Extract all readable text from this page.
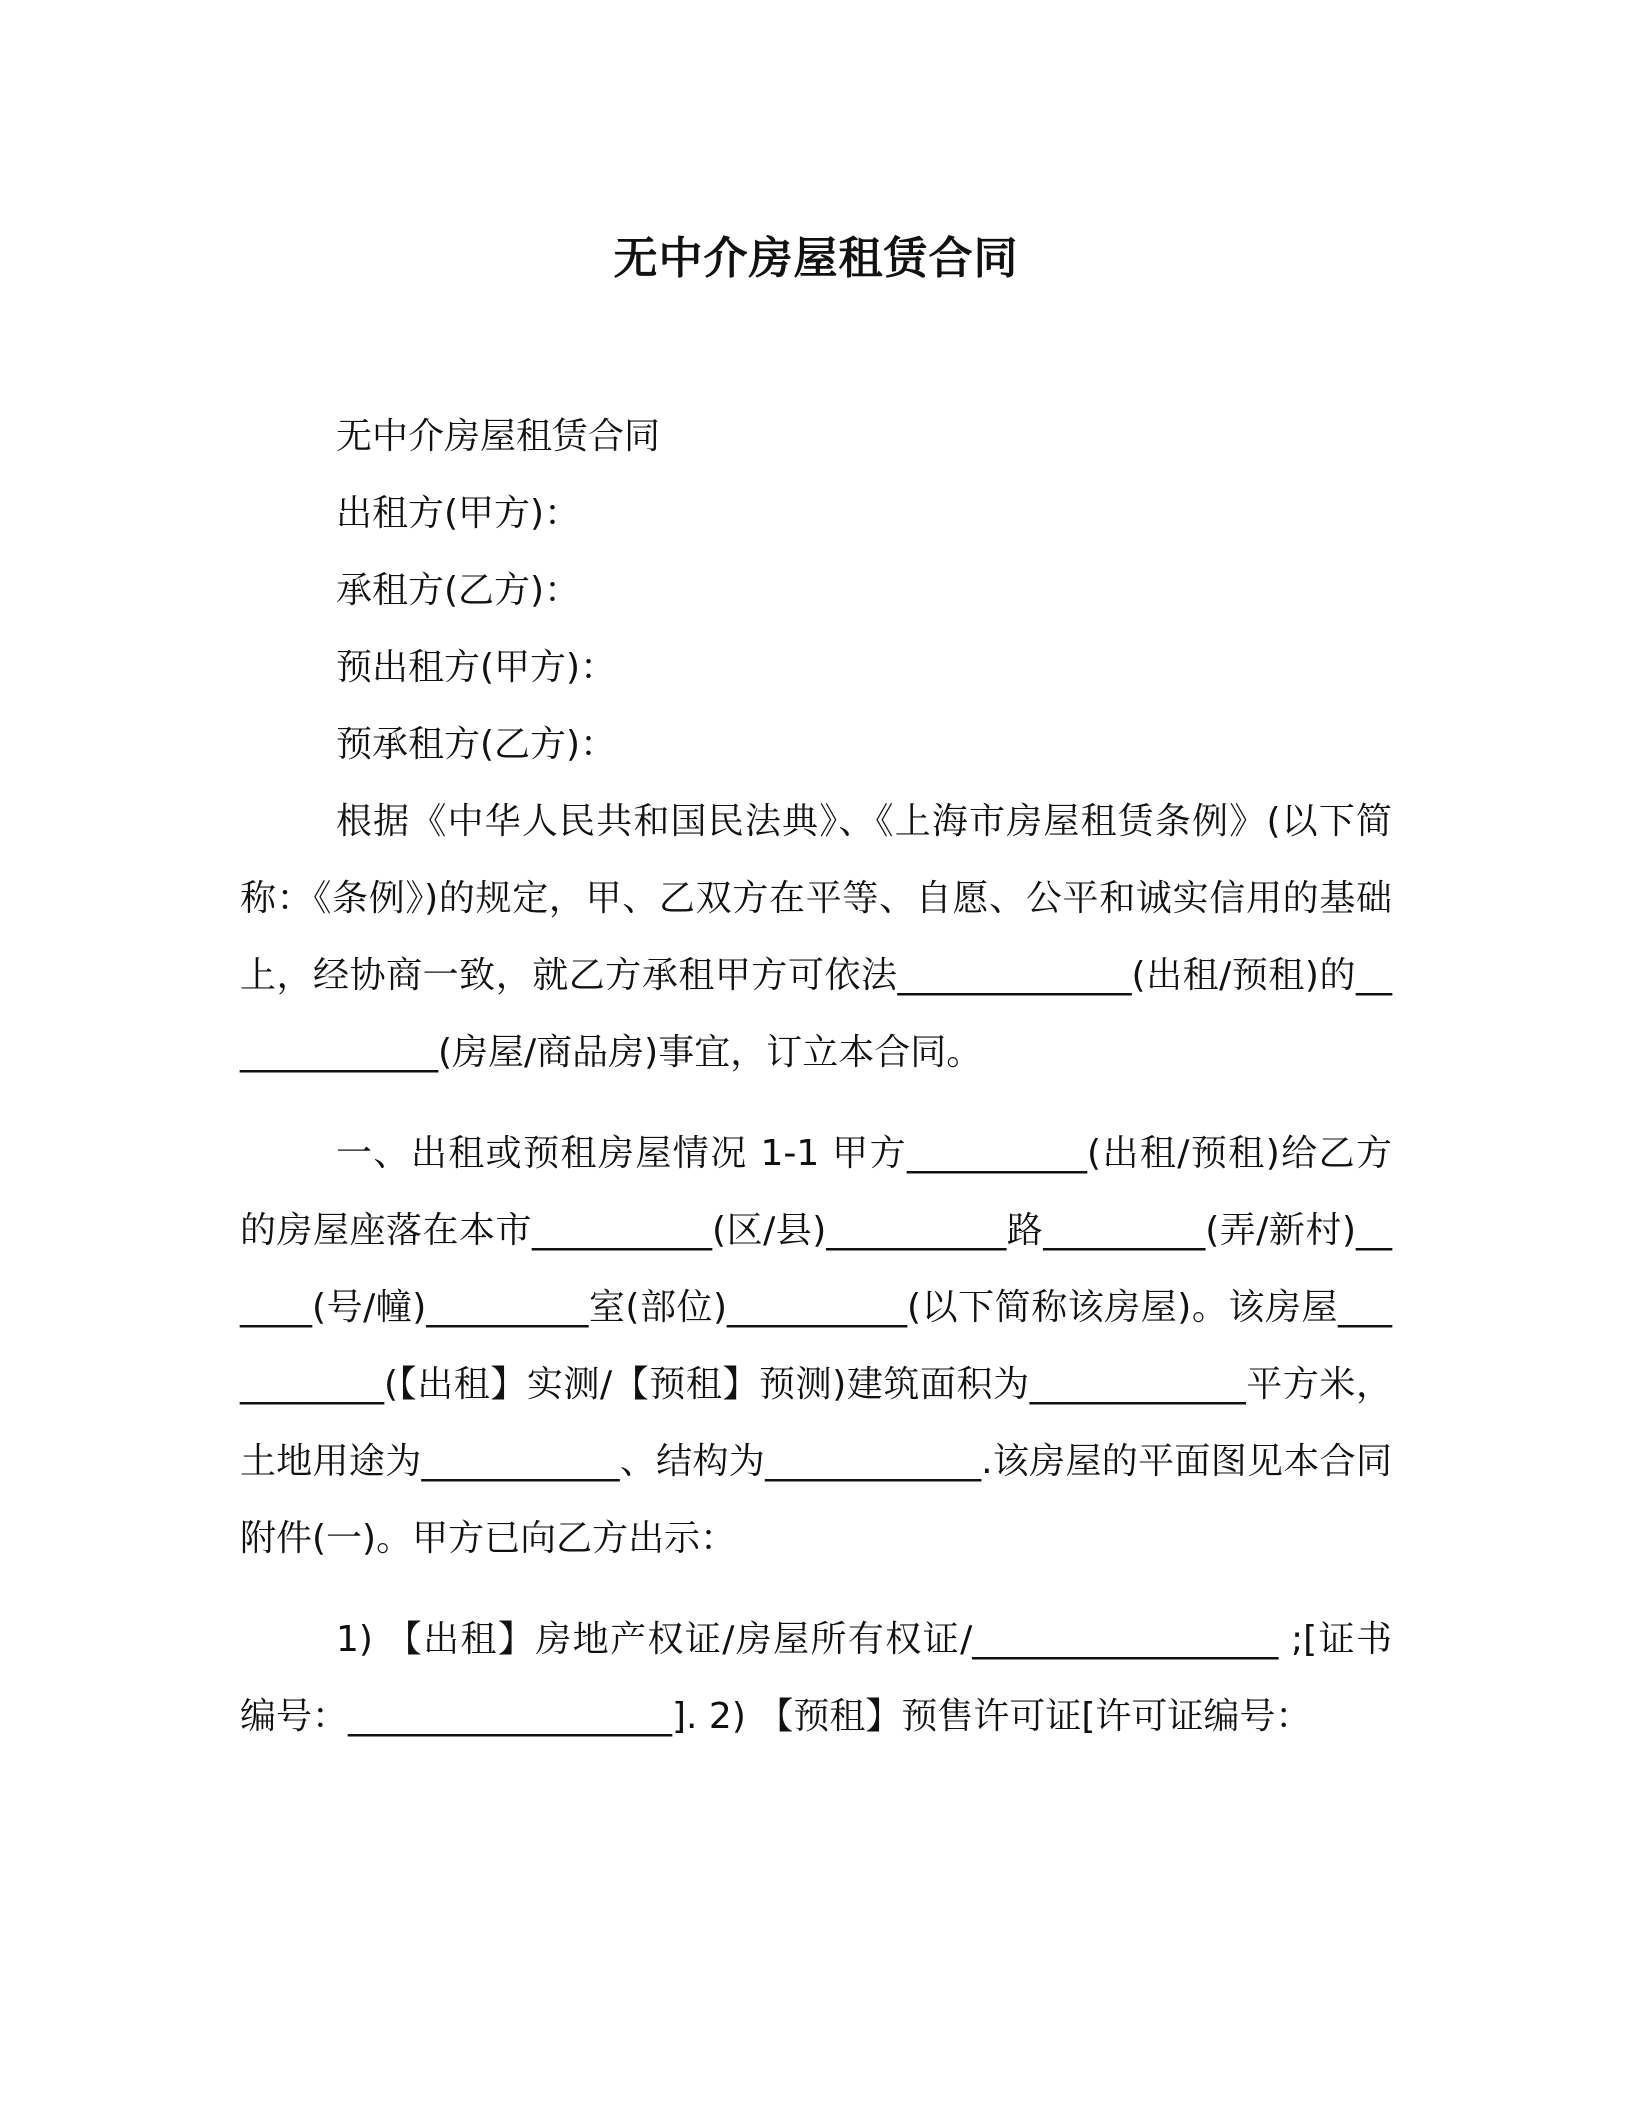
无中介房屋租赁合同

无中介房屋租赁合同

出租方(甲方)：

承租方(乙方)：

预出租方(甲方)：

预承租方(乙方)：

根据《中华人民共和国民法典》、《上海市房屋租赁条例》(以下简称：《条例》)的规定，甲、乙双方在平等、自愿、公平和诚实信用的基础上，经协商一致，就乙方承租甲方可依法_____________(出租/预租)的_____________(房屋/商品房)事宜，订立本合同。

一、出租或预租房屋情况 1-1 甲方__________(出租/预租)给乙方的房屋座落在本市__________(区/县)__________路_________(弄/新村)______(号/幢)_________室(部位)__________(以下简称该房屋)。该房屋___________(【出租】实测/【预租】预测)建筑面积为____________平方米，土地用途为___________、结构为____________.该房屋的平面图见本合同附件(一)。甲方已向乙方出示：

1) 【出租】房地产权证/房屋所有权证/_________________ ;[证书编号：__________________]. 2) 【预租】预售许可证[许可证编号：
